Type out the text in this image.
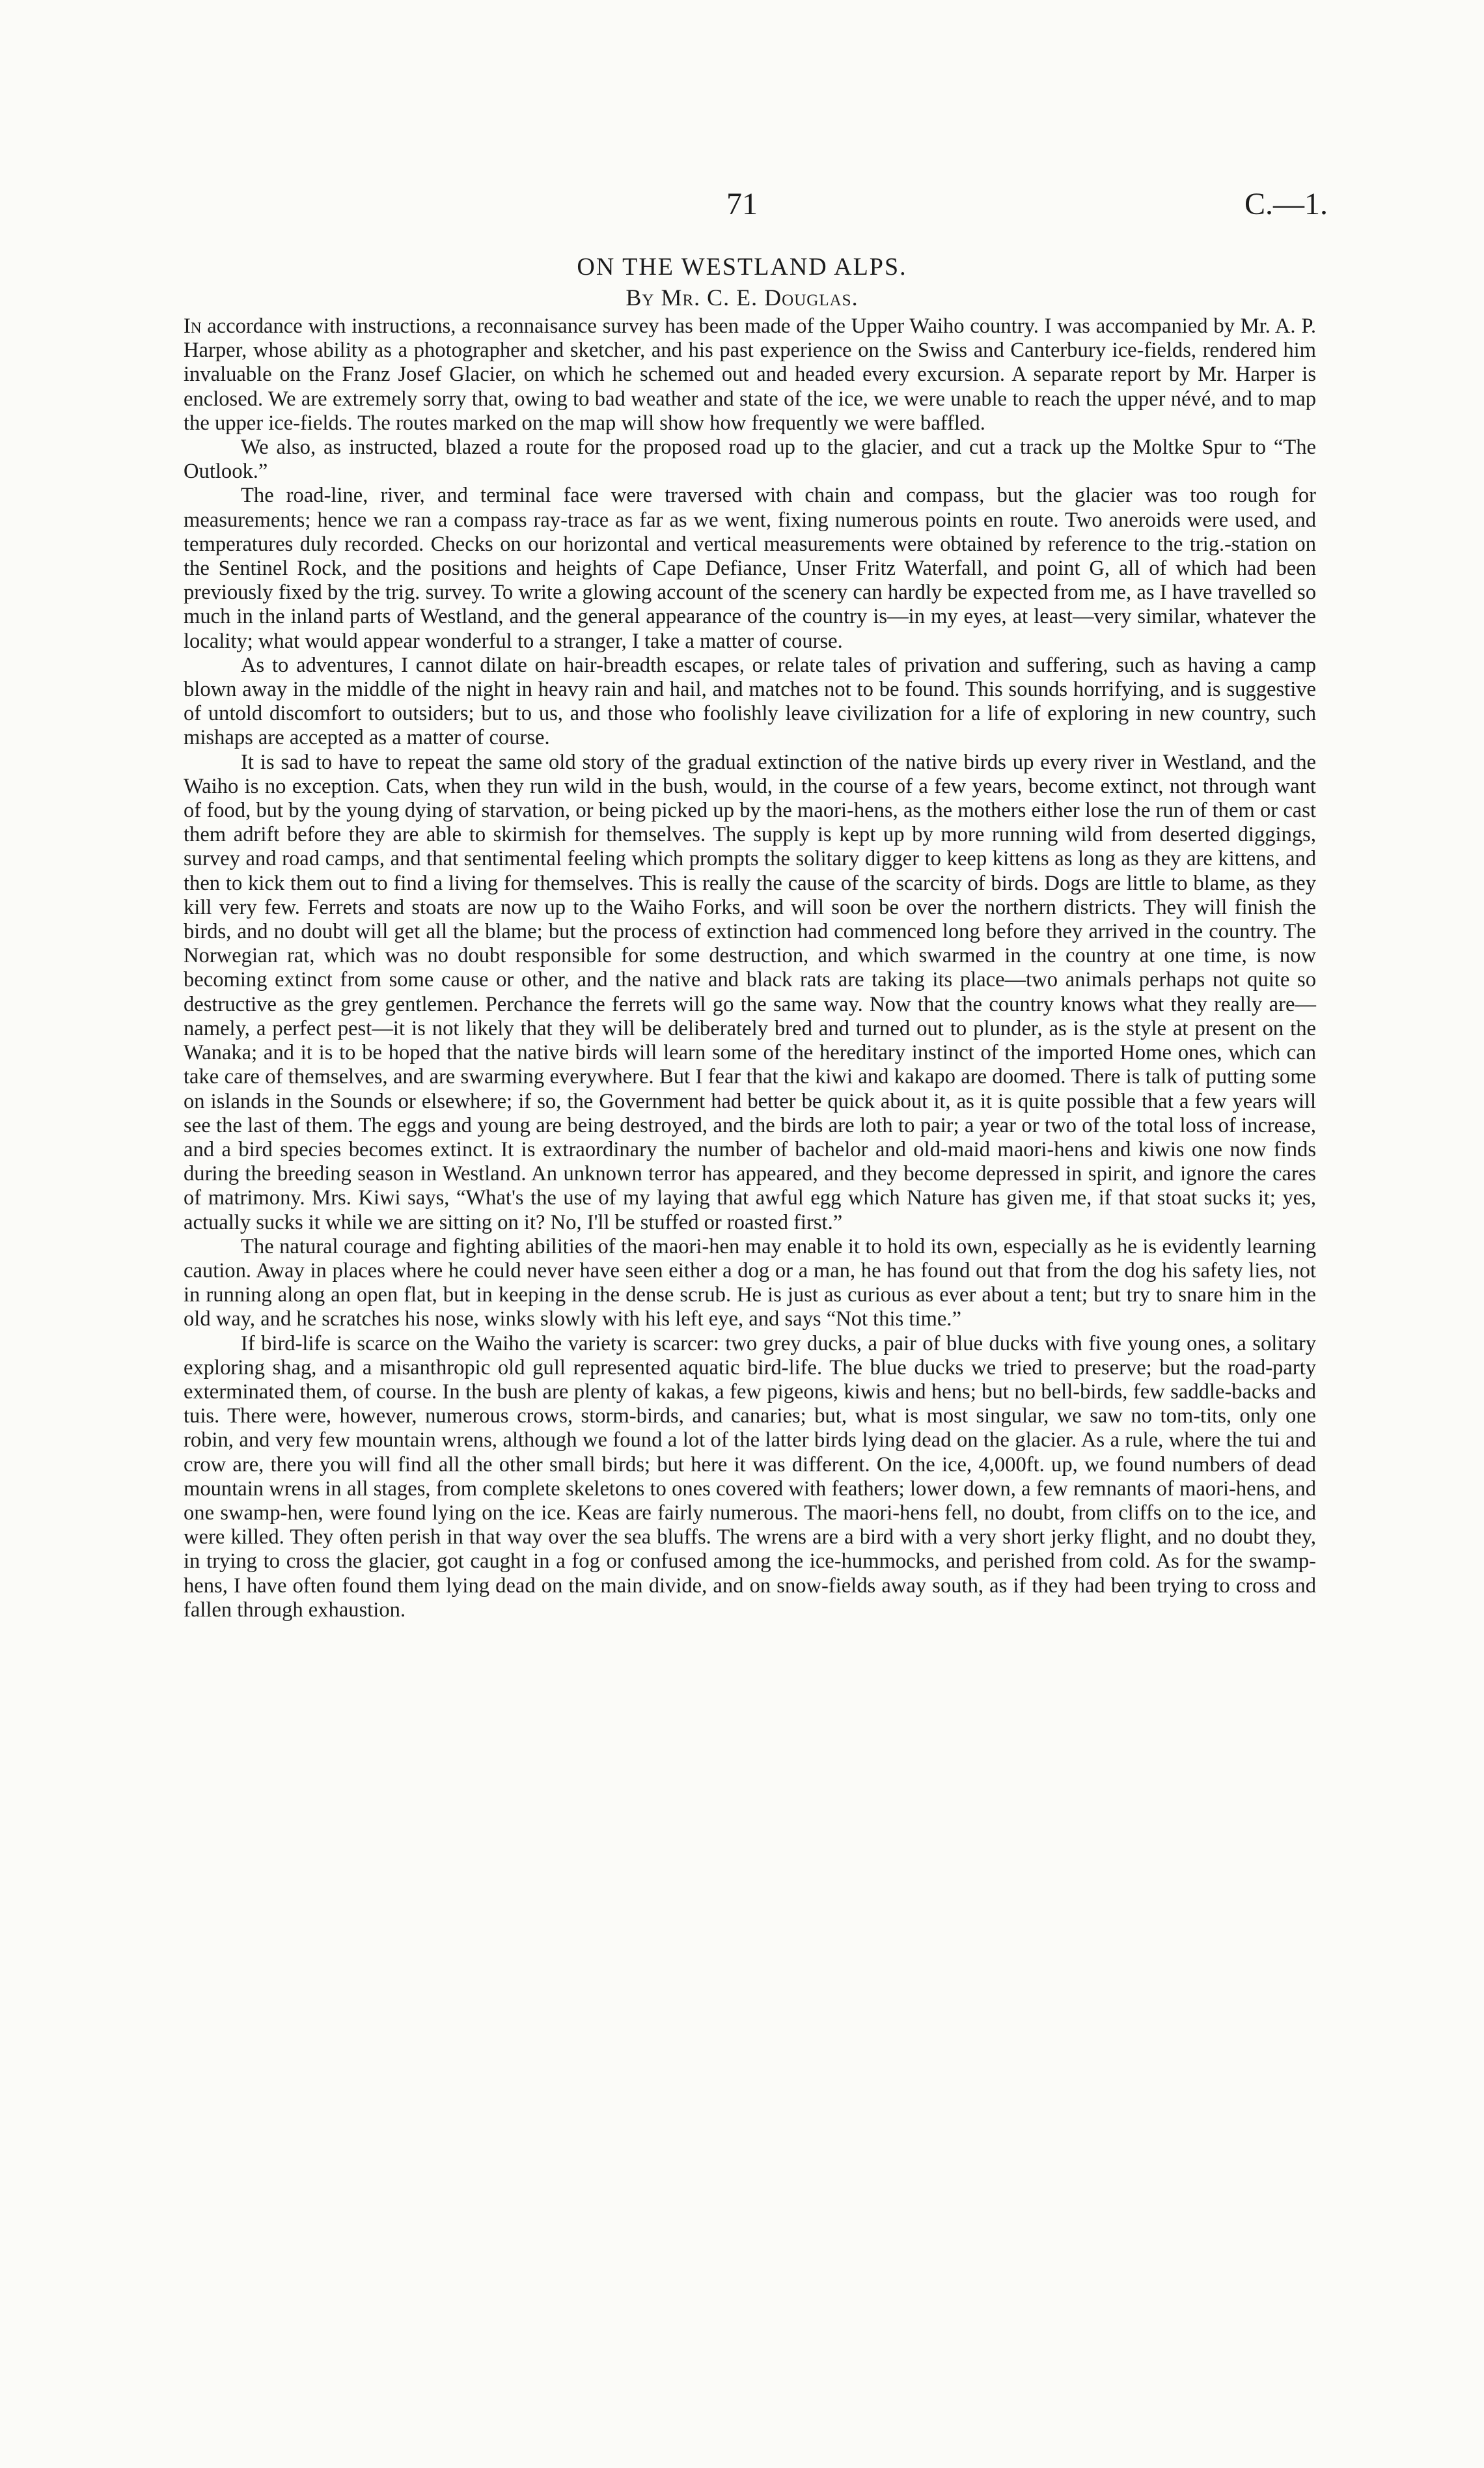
71	C.—1.
ON THE WESTLAND ALPS.
By Mr. C. E. Douglas.

In accordance with instructions, a reconnaisance survey has been made of the Upper Waiho country. I was accompanied by Mr. A. P. Harper, whose ability as a photographer and sketcher, and his past experience on the Swiss and Canterbury ice-fields, rendered him invaluable on the Franz Josef Glacier, on which he schemed out and headed every excursion. A separate report by Mr. Harper is enclosed. We are extremely sorry that, owing to bad weather and state of the ice, we were unable to reach the upper névé, and to map the upper ice-fields. The routes marked on the map will show how frequently we were baffled.

We also, as instructed, blazed a route for the proposed road up to the glacier, and cut a track up the Moltke Spur to “The Outlook.”

The road-line, river, and terminal face were traversed with chain and compass, but the glacier was too rough for measurements; hence we ran a compass ray-trace as far as we went, fixing numerous points en route. Two aneroids were used, and temperatures duly recorded. Checks on our horizontal and vertical measurements were obtained by reference to the trig.-station on the Sentinel Rock, and the positions and heights of Cape Defiance, Unser Fritz Waterfall, and point G, all of which had been previously fixed by the trig. survey. To write a glowing account of the scenery can hardly be expected from me, as I have travelled so much in the inland parts of Westland, and the general appearance of the country is—in my eyes, at least—very similar, whatever the locality; what would appear wonderful to a stranger, I take a matter of course.

As to adventures, I cannot dilate on hair-breadth escapes, or relate tales of privation and suffering, such as having a camp blown away in the middle of the night in heavy rain and hail, and matches not to be found. This sounds horrifying, and is suggestive of untold discomfort to outsiders; but to us, and those who foolishly leave civilization for a life of exploring in new country, such mishaps are accepted as a matter of course.

It is sad to have to repeat the same old story of the gradual extinction of the native birds up every river in Westland, and the Waiho is no exception. Cats, when they run wild in the bush, would, in the course of a few years, become extinct, not through want of food, but by the young dying of starvation, or being picked up by the maori-hens, as the mothers either lose the run of them or cast them adrift before they are able to skirmish for themselves. The supply is kept up by more running wild from deserted diggings, survey and road camps, and that sentimental feeling which prompts the solitary digger to keep kittens as long as they are kittens, and then to kick them out to find a living for themselves. This is really the cause of the scarcity of birds. Dogs are little to blame, as they kill very few. Ferrets and stoats are now up to the Waiho Forks, and will soon be over the northern districts. They will finish the birds, and no doubt will get all the blame; but the process of extinction had commenced long before they arrived in the country. The Norwegian rat, which was no doubt responsible for some destruction, and which swarmed in the country at one time, is now becoming extinct from some cause or other, and the native and black rats are taking its place—two animals perhaps not quite so destructive as the grey gentlemen. Perchance the ferrets will go the same way. Now that the country knows what they really are—namely, a perfect pest—it is not likely that they will be deliberately bred and turned out to plunder, as is the style at present on the Wanaka; and it is to be hoped that the native birds will learn some of the hereditary instinct of the imported Home ones, which can take care of themselves, and are swarming everywhere. But I fear that the kiwi and kakapo are doomed. There is talk of putting some on islands in the Sounds or elsewhere; if so, the Government had better be quick about it, as it is quite possible that a few years will see the last of them. The eggs and young are being destroyed, and the birds are loth to pair; a year or two of the total loss of increase, and a bird species becomes extinct. It is extraordinary the number of bachelor and old-maid maori-hens and kiwis one now finds during the breeding season in Westland. An unknown terror has appeared, and they become depressed in spirit, and ignore the cares of matrimony. Mrs. Kiwi says, “What's the use of my laying that awful egg which Nature has given me, if that stoat sucks it; yes, actually sucks it while we are sitting on it? No, I'll be stuffed or roasted first.”

The natural courage and fighting abilities of the maori-hen may enable it to hold its own, especially as he is evidently learning caution. Away in places where he could never have seen either a dog or a man, he has found out that from the dog his safety lies, not in running along an open flat, but in keeping in the dense scrub. He is just as curious as ever about a tent; but try to snare him in the old way, and he scratches his nose, winks slowly with his left eye, and says “Not this time.”

If bird-life is scarce on the Waiho the variety is scarcer: two grey ducks, a pair of blue ducks with five young ones, a solitary exploring shag, and a misanthropic old gull represented aquatic bird-life. The blue ducks we tried to preserve; but the road-party exterminated them, of course. In the bush are plenty of kakas, a few pigeons, kiwis and hens; but no bell-birds, few saddle-backs and tuis. There were, however, numerous crows, storm-birds, and canaries; but, what is most singular, we saw no tom-tits, only one robin, and very few mountain wrens, although we found a lot of the latter birds lying dead on the glacier. As a rule, where the tui and crow are, there you will find all the other small birds; but here it was different. On the ice, 4,000ft. up, we found numbers of dead mountain wrens in all stages, from complete skeletons to ones covered with feathers; lower down, a few remnants of maori-hens, and one swamp-hen, were found lying on the ice. Keas are fairly numerous. The maori-hens fell, no doubt, from cliffs on to the ice, and were killed. They often perish in that way over the sea bluffs. The wrens are a bird with a very short jerky flight, and no doubt they, in trying to cross the glacier, got caught in a fog or confused among the ice-hummocks, and perished from cold. As for the swamp-hens, I have often found them lying dead on the main divide, and on snow-fields away south, as if they had been trying to cross and fallen through exhaustion.
